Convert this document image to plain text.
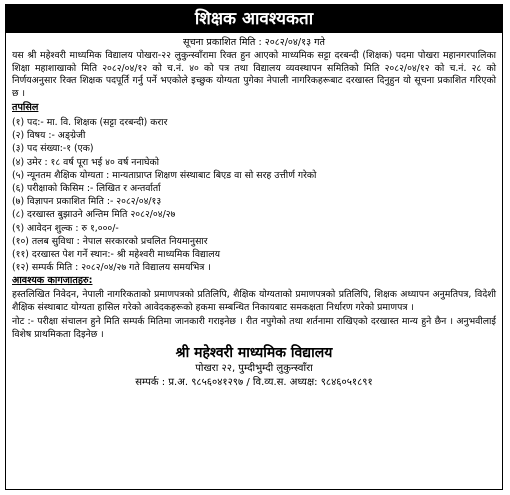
शिक्षक आवश्यकता
सूचना प्रकाशित मिति : २०८२/०४/१३ गते
यस श्री महेश्वरी माध्यमिक विद्यालय पोखरा-२२ लुकुन्स्वाँरामा रिक्त हुन आएको माध्यमिक सट्टा दरबन्दी (शिक्षक) पदमा पोखरा महानगरपालिका शिक्षा महाशाखाको मिति २०८२/०४/१२ को च.नं. ४० को पत्र तथा विद्यालय व्यवस्थापन समितिको मिति २०८२/०४/१२ को च.नं. २८ को निर्णयअनुसार रिक्त शिक्षक पदपूर्ति गर्नु पर्ने भएकोले इच्छुक योग्यता पुगेका नेपाली नागरिकहरूबाट दरखास्त दिनुहुन यो सूचना प्रकाशित गरिएको छ ।
तपसिल
(१) पद:- मा. वि. शिक्षक (सट्टा दरबन्दी) करार
(२) विषय :- अङ्ग्रेजी
(३) पद संख्या:-१ (एक)
(४) उमेर : १८ वर्ष पूरा भई ४० वर्ष ननाघेको
(५) न्यूनतम शैक्षिक योग्यता : मान्यताप्राप्त शिक्षण संस्थाबाट बिएड वा सो सरह उत्तीर्ण गरेको
(६) परीक्षाको किसिम :- लिखित र अन्तर्वार्ता
(७) विज्ञापन प्रकाशित मिति :- २०८२/०४/१३
(८) दरखास्त बुझाउने अन्तिम मिति २०८२/०४/२७
(९) आवेदन शुल्क : रु १,०००/-
(१०) तलब सुविधा : नेपाल सरकारको प्रचलित नियमानुसार
(११) दरखास्त पेश गर्ने स्थान:- श्री महेश्वरी माध्यमिक विद्यालय
(१२) सम्पर्क मिति : २०८२/०४/२७ गते विद्यालय समयभित्र ।
आवश्यक कागजातहरु:
हस्तलिखित निवेदन, नेपाली नागरिकताको प्रमाणपत्रको प्रतिलिपि, शैक्षिक योग्यताको प्रमाणपत्रको प्रतिलिपि, शिक्षक अध्यापन अनुमतिपत्र, विदेशी शैक्षिक संस्थाबाट योग्यता हासिल गरेको आवेदकहरूको हकमा सम्बन्धित निकायबाट समकक्षता निर्धारण गरेको प्रमाणपत्र ।
नोट :- परीक्षा संचालन हुने मिति सम्पर्क मितिमा जानकारी गराइनेछ । रीत नपुगेको तथा शर्तनामा राखिएको दरखास्त मान्य हुने छैन । अनुभवीलाई विशेष प्राथमिकता दिइनेछ ।
श्री महेश्वरी माध्यमिक विद्यालय
पोखरा २२, पुम्दीभुम्दी लुकुन्स्वाँरा
सम्पर्क : प्र.अ. ९८५६०४१२९७ / वि.व्य.स. अध्यक्ष: ९८४६०५१८९१
